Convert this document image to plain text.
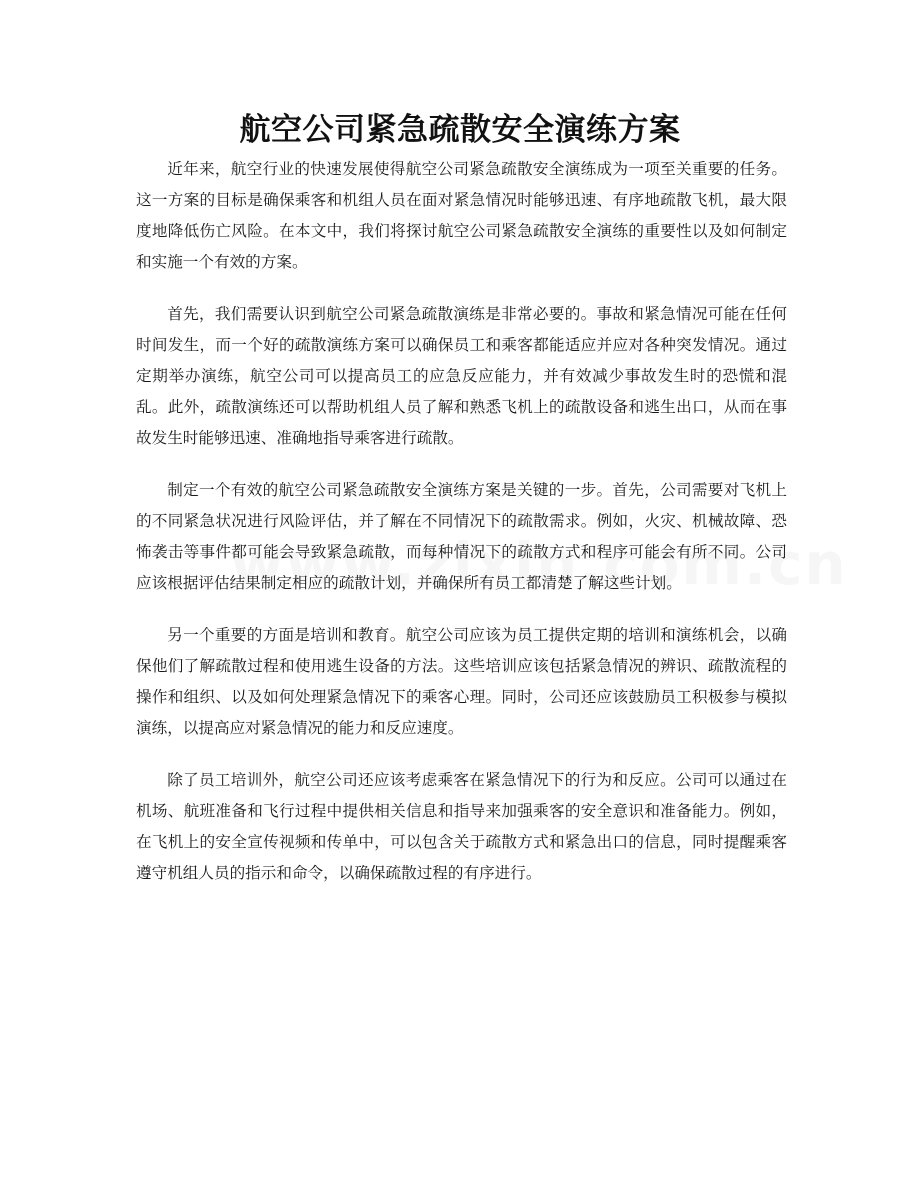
航空公司紧急疏散安全演练方案

近年来，航空行业的快速发展使得航空公司紧急疏散安全演练成为一项至关重要的任务。这一方案的目标是确保乘客和机组人员在面对紧急情况时能够迅速、有序地疏散飞机，最大限度地降低伤亡风险。在本文中，我们将探讨航空公司紧急疏散安全演练的重要性以及如何制定和实施一个有效的方案。

首先，我们需要认识到航空公司紧急疏散演练是非常必要的。事故和紧急情况可能在任何时间发生，而一个好的疏散演练方案可以确保员工和乘客都能适应并应对各种突发情况。通过定期举办演练，航空公司可以提高员工的应急反应能力，并有效减少事故发生时的恐慌和混乱。此外，疏散演练还可以帮助机组人员了解和熟悉飞机上的疏散设备和逃生出口，从而在事故发生时能够迅速、准确地指导乘客进行疏散。

制定一个有效的航空公司紧急疏散安全演练方案是关键的一步。首先，公司需要对飞机上的不同紧急状况进行风险评估，并了解在不同情况下的疏散需求。例如，火灾、机械故障、恐怖袭击等事件都可能会导致紧急疏散，而每种情况下的疏散方式和程序可能会有所不同。公司应该根据评估结果制定相应的疏散计划，并确保所有员工都清楚了解这些计划。

另一个重要的方面是培训和教育。航空公司应该为员工提供定期的培训和演练机会，以确保他们了解疏散过程和使用逃生设备的方法。这些培训应该包括紧急情况的辨识、疏散流程的操作和组织、以及如何处理紧急情况下的乘客心理。同时，公司还应该鼓励员工积极参与模拟演练，以提高应对紧急情况的能力和反应速度。

除了员工培训外，航空公司还应该考虑乘客在紧急情况下的行为和反应。公司可以通过在机场、航班准备和飞行过程中提供相关信息和指导来加强乘客的安全意识和准备能力。例如，在飞机上的安全宣传视频和传单中，可以包含关于疏散方式和紧急出口的信息，同时提醒乘客遵守机组人员的指示和命令，以确保疏散过程的有序进行。
